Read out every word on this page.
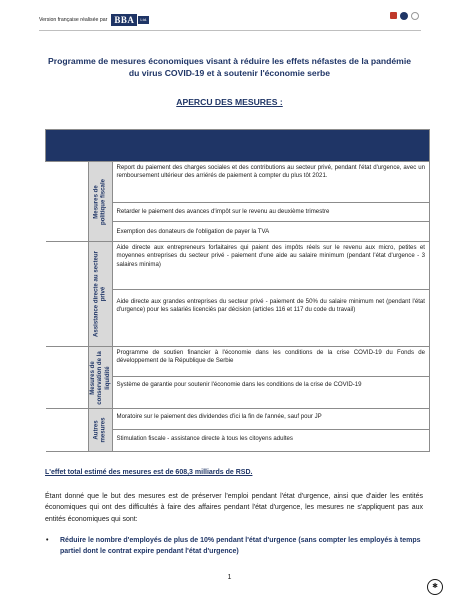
Version française réalisée par BBA	Ltd.
Programme de mesures économiques visant à réduire les effets néfastes de la pandémie du virus COVID-19 et à soutenir l'économie serbe
APERCU DES MESURES :

	Mesures de politique fiscale	Report du paiement des charges sociales et des contributions au secteur privé, pendant l'état d'urgence, avec un remboursement ultérieur des arriérés de paiement à compter du plus tôt 2021.
		Retarder le paiement des avances d'impôt sur le revenu au deuxième trimestre
		Exemption des donateurs de l'obligation de payer la TVA

	Assistance directe au secteur privé	Aide directe aux entrepreneurs forfaitaires qui paient des impôts réels sur le revenu aux micro, petites et moyennes entreprises du secteur privé - paiement d'une aide au salaire minimum (pendant l'état d'urgence - 3 salaires minima)
		Aide directe aux grandes entreprises du secteur privé - paiement de 50% du salaire minimum net (pendant l'état d'urgence) pour les salariés licenciés par décision (articles 116 et 117 du code du travail)

	Mesures de conservation de la liquidité	Programme de soutien financier à l'économie dans les conditions de la crise COVID-19 du Fonds de développement de la République de Serbie
		Système de garantie pour soutenir l'économie dans les conditions de la crise de COVID-19

	Autres mesures	Moratoire sur le paiement des dividendes d'ici la fin de l'année, sauf pour JP
		Stimulation fiscale - assistance directe à tous les citoyens adultes
L'effet total estimé des mesures est de 608,3 milliards de RSD.
Étant donné que le but des mesures est de préserver l'emploi pendant l'état d'urgence, ainsi que d'aider les entités économiques qui ont des difficultés à faire des affaires pendant l'état d'urgence, les mesures ne s'appliquent pas aux entités économiques qui sont:
• Réduire le nombre d'employés de plus de 10% pendant l'état d'urgence (sans compter les employés à temps partiel dont le contrat expire pendant l'état d'urgence)
1
✱
